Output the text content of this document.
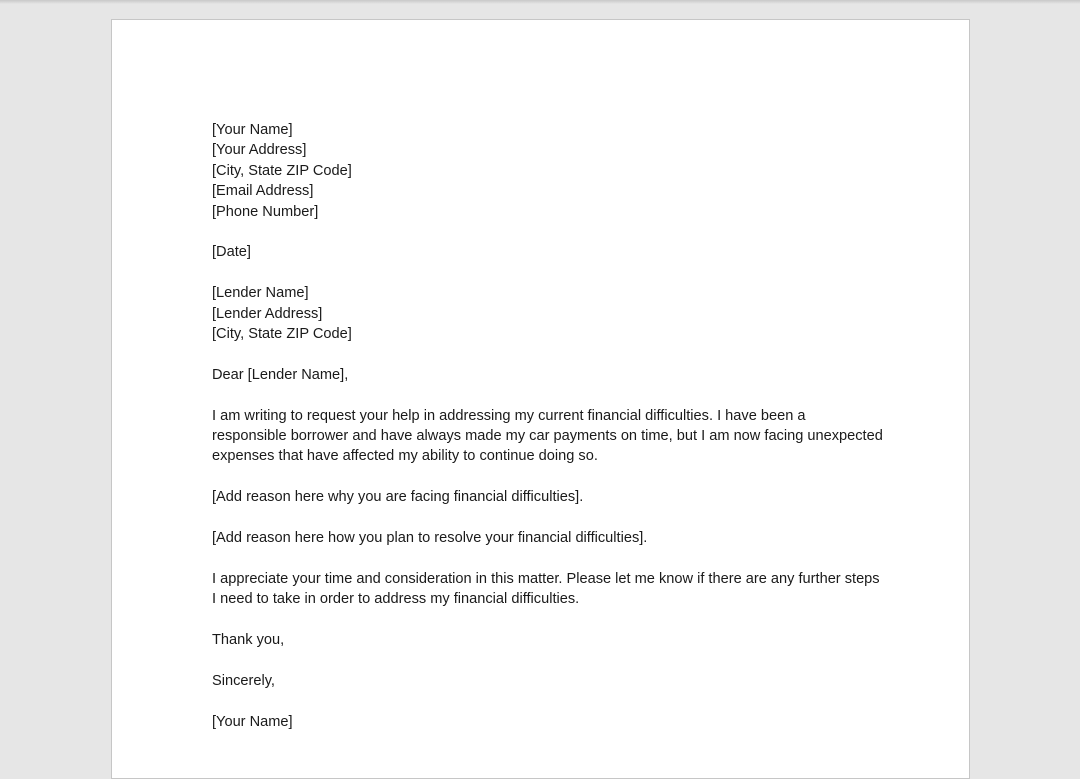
[Your Name]
[Your Address]
[City, State ZIP Code]
[Email Address]
[Phone Number]
[Date]
[Lender Name]
[Lender Address]
[City, State ZIP Code]
Dear [Lender Name],
I am writing to request your help in addressing my current financial difficulties. I have been a
responsible borrower and have always made my car payments on time, but I am now facing unexpected
expenses that have affected my ability to continue doing so.
[Add reason here why you are facing financial difficulties].
[Add reason here how you plan to resolve your financial difficulties].
I appreciate your time and consideration in this matter. Please let me know if there are any further steps
I need to take in order to address my financial difficulties.
Thank you,
Sincerely,
[Your Name]
